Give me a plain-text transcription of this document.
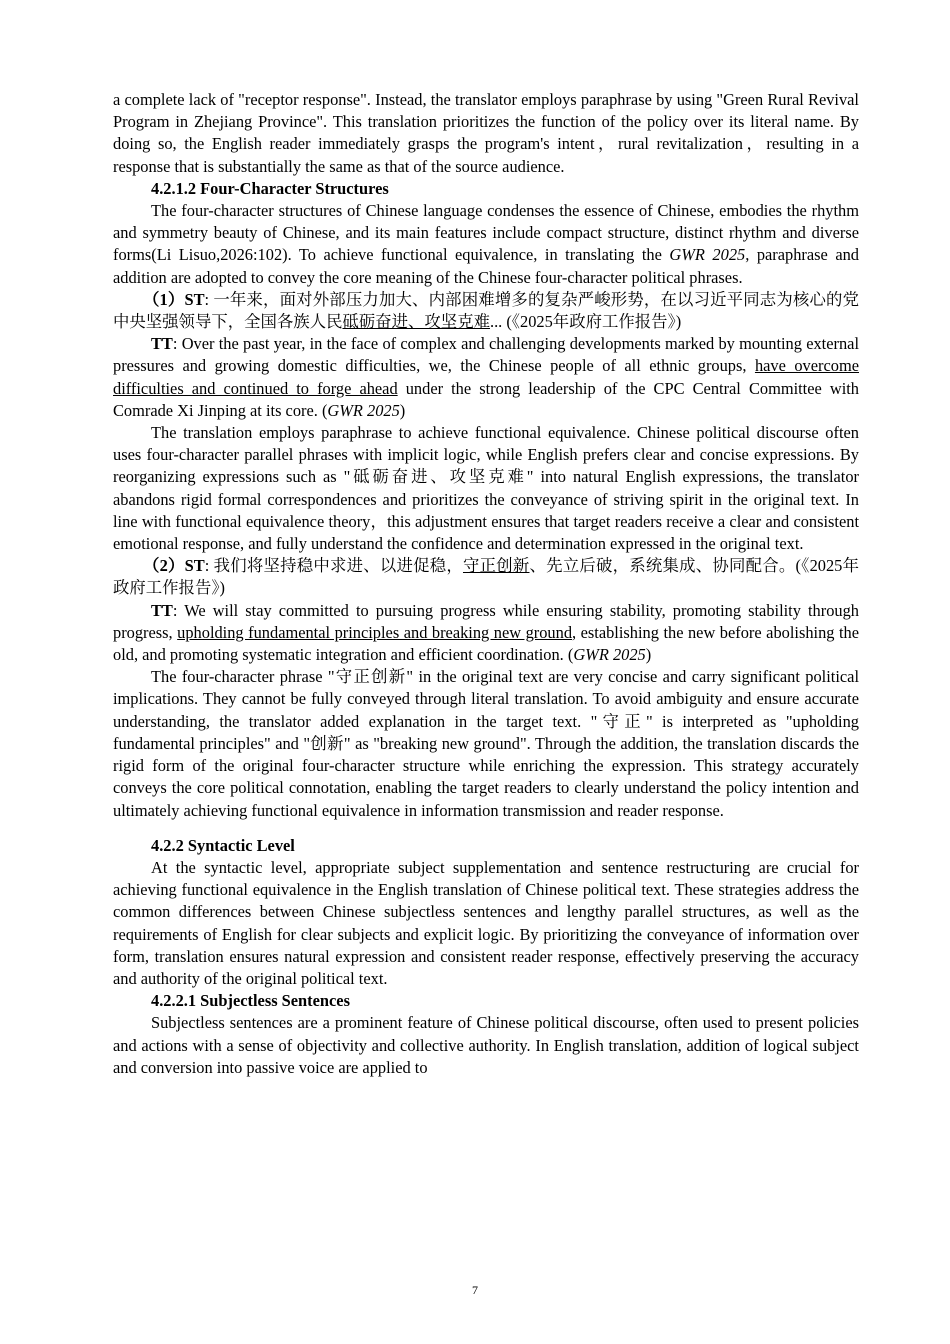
a complete lack of "receptor response". Instead, the translator employs paraphrase by using "Green Rural Revival Program in Zhejiang Province". This translation prioritizes the function of the policy over its literal name. By doing so, the English reader immediately grasps the program's intent，rural revitalization，resulting in a response that is substantially the same as that of the source audience.

4.2.1.2 Four-Character Structures

The four-character structures of Chinese language condenses the essence of Chinese, embodies the rhythm and symmetry beauty of Chinese, and its main features include compact structure, distinct rhythm and diverse forms(Li Lisuo,2026:102). To achieve functional equivalence, in translating the GWR 2025, paraphrase and addition are adopted to convey the core meaning of the Chinese four-character political phrases.

（1）ST: 一年来，面对外部压力加大、内部困难增多的复杂严峻形势，在以习近平同志为核心的党中央坚强领导下，全国各族人民砥砺奋进、攻坚克难... (《2025年政府工作报告》)

TT: Over the past year, in the face of complex and challenging developments marked by mounting external pressures and growing domestic difficulties, we, the Chinese people of all ethnic groups, have overcome difficulties and continued to forge ahead under the strong leadership of the CPC Central Committee with Comrade Xi Jinping at its core. (GWR 2025)

The translation employs paraphrase to achieve functional equivalence. Chinese political discourse often uses four-character parallel phrases with implicit logic, while English prefers clear and concise expressions. By reorganizing expressions such as "砥砺奋进、攻坚克难" into natural English expressions, the translator abandons rigid formal correspondences and prioritizes the conveyance of striving spirit in the original text. In line with functional equivalence theory，this adjustment ensures that target readers receive a clear and consistent emotional response, and fully understand the confidence and determination expressed in the original text.

（2）ST: 我们将坚持稳中求进、以进促稳，守正创新、先立后破，系统集成、协同配合。(《2025年政府工作报告》)

TT: We will stay committed to pursuing progress while ensuring stability, promoting stability through progress, upholding fundamental principles and breaking new ground, establishing the new before abolishing the old, and promoting systematic integration and efficient coordination. (GWR 2025)

The four-character phrase "守正创新" in the original text are very concise and carry significant political implications. They cannot be fully conveyed through literal translation. To avoid ambiguity and ensure accurate understanding, the translator added explanation in the target text. "守正" is interpreted as "upholding fundamental principles" and "创新" as "breaking new ground". Through the addition, the translation discards the rigid form of the original four-character structure while enriching the expression. This strategy accurately conveys the core political connotation, enabling the target readers to clearly understand the policy intention and ultimately achieving functional equivalence in information transmission and reader response.

4.2.2 Syntactic Level

At the syntactic level, appropriate subject supplementation and sentence restructuring are crucial for achieving functional equivalence in the English translation of Chinese political text. These strategies address the common differences between Chinese subjectless sentences and lengthy parallel structures, as well as the requirements of English for clear subjects and explicit logic. By prioritizing the conveyance of information over form, translation ensures natural expression and consistent reader response, effectively preserving the accuracy and authority of the original political text.

4.2.2.1 Subjectless Sentences

Subjectless sentences are a prominent feature of Chinese political discourse, often used to present policies and actions with a sense of objectivity and collective authority. In English translation, addition of logical subject and conversion into passive voice are applied to

7
